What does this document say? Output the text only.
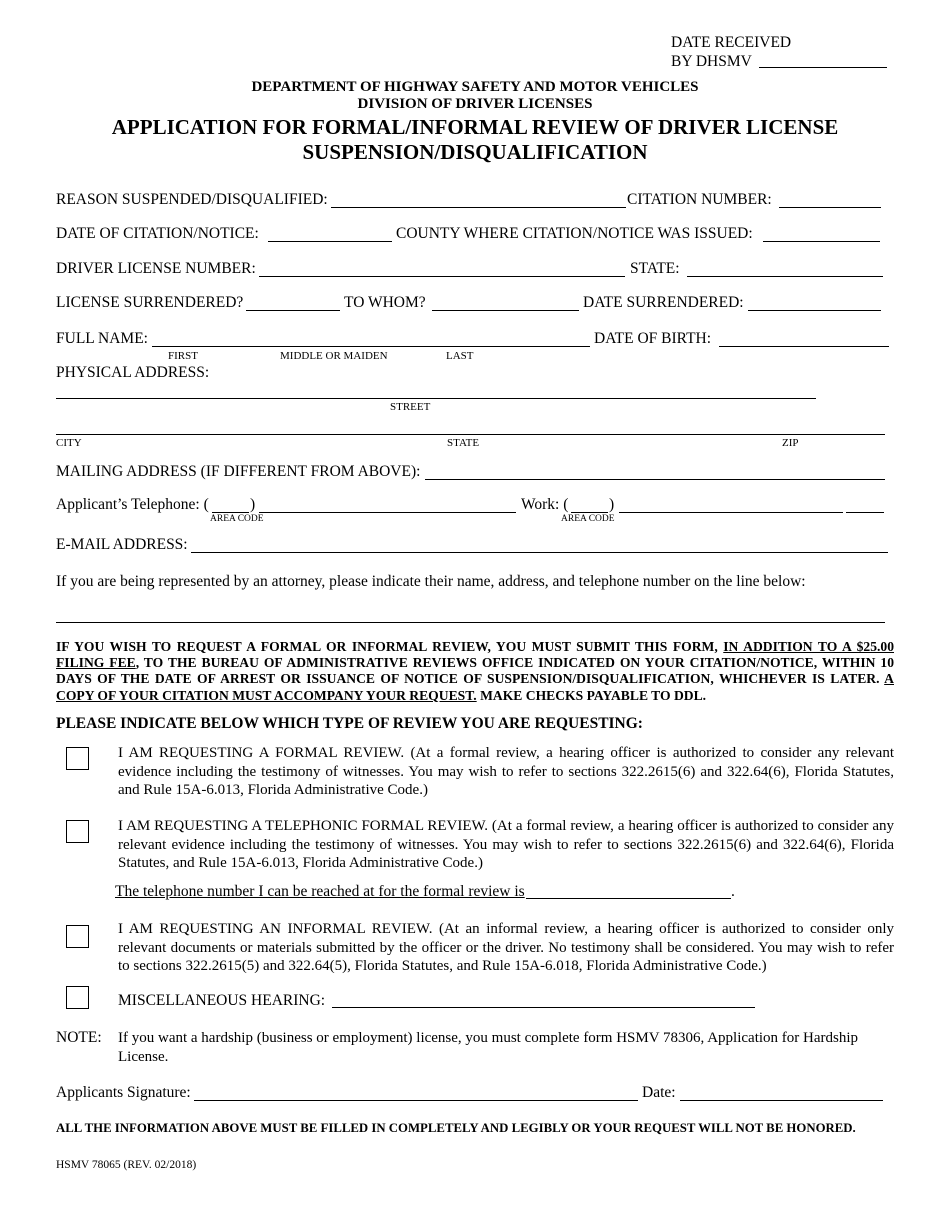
DATE RECEIVED
BY DHSMV
DEPARTMENT OF HIGHWAY SAFETY AND MOTOR VEHICLES
DIVISION OF DRIVER LICENSES
APPLICATION FOR FORMAL/INFORMAL REVIEW OF DRIVER LICENSE
SUSPENSION/DISQUALIFICATION
REASON SUSPENDED/DISQUALIFIED:	CITATION NUMBER:
DATE OF CITATION/NOTICE:	COUNTY WHERE CITATION/NOTICE WAS ISSUED:
DRIVER LICENSE NUMBER:	STATE:
LICENSE SURRENDERED?	TO WHOM?	DATE SURRENDERED:
FULL NAME:	DATE OF BIRTH:
FIRST	MIDDLE OR MAIDEN	LAST
PHYSICAL ADDRESS:
STREET
CITY	STATE	ZIP
MAILING ADDRESS (IF DIFFERENT FROM ABOVE):
Applicant’s Telephone: (	)
AREA CODE
Work: (	)
AREA CODE
E-MAIL ADDRESS:
If you are being represented by an attorney, please indicate their name, address, and telephone number on the line below:
IF YOU WISH TO REQUEST A FORMAL OR INFORMAL REVIEW, YOU MUST SUBMIT THIS FORM, IN ADDITION TO A $25.00 FILING FEE, TO THE BUREAU OF ADMINISTRATIVE REVIEWS OFFICE INDICATED ON YOUR CITATION/NOTICE, WITHIN 10 DAYS OF THE DATE OF ARREST OR ISSUANCE OF NOTICE OF SUSPENSION/DISQUALIFICATION, WHICHEVER IS LATER. A COPY OF YOUR CITATION MUST ACCOMPANY YOUR REQUEST. MAKE CHECKS PAYABLE TO DDL.
PLEASE INDICATE BELOW WHICH TYPE OF REVIEW YOU ARE REQUESTING:
I AM REQUESTING A FORMAL REVIEW. (At a formal review, a hearing officer is authorized to consider any relevant evidence including the testimony of witnesses. You may wish to refer to sections 322.2615(6) and 322.64(6), Florida Statutes, and Rule 15A-6.013, Florida Administrative Code.)
I AM REQUESTING A TELEPHONIC FORMAL REVIEW. (At a formal review, a hearing officer is authorized to consider any relevant evidence including the testimony of witnesses. You may wish to refer to sections 322.2615(6) and 322.64(6), Florida Statutes, and Rule 15A-6.013, Florida Administrative Code.)
The telephone number I can be reached at for the formal review is	.
I AM REQUESTING AN INFORMAL REVIEW. (At an informal review, a hearing officer is authorized to consider only relevant documents or materials submitted by the officer or the driver. No testimony shall be considered. You may wish to refer to sections 322.2615(5) and 322.64(5), Florida Statutes, and Rule 15A-6.018, Florida Administrative Code.)
MISCELLANEOUS HEARING:
NOTE: If you want a hardship (business or employment) license, you must complete form HSMV 78306, Application for Hardship License.
Applicants Signature:	Date:
ALL THE INFORMATION ABOVE MUST BE FILLED IN COMPLETELY AND LEGIBLY OR YOUR REQUEST WILL NOT BE HONORED.
HSMV 78065 (REV. 02/2018)
